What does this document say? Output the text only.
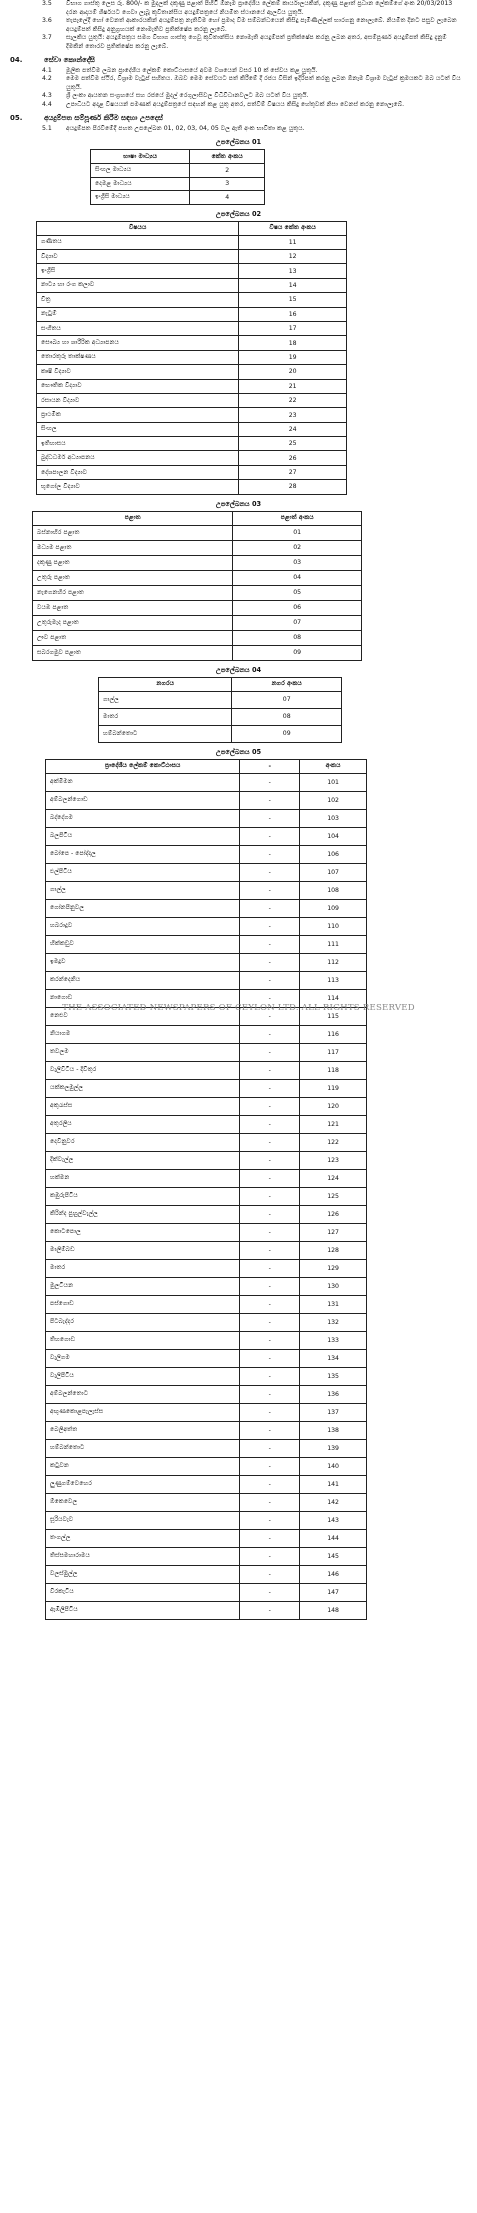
3.5	විභාග ගාස්තු ලෙස රු. 800/- ක මුදලක් දකුණු පළාත් පිහිටි ඕනෑම ප්‍රාදේශීය ලේකම් කාර්යාලයකින්, දකුණු පළාත් ප්‍රධාන ලේකම්ගේ අංක 20/03/2013 දරන ආදායම් ශීර්ෂයට ගෙවා ලැබූ කුවිතාන්සිය අයදුම්පත්‍රයේ නියමිත ස්ථානයේ ඇලවිය යුතුයි.
3.6	තැපෑලේදී හෝ වෙනත් ආකාරයකින් අයදුම්පත්‍ර නැතිවීම හෝ ප්‍රමාද වීම සම්බන්ධයෙන් කිසිදු පැමිණිල්ලක් භාරගනු නොලැබේ. නියමිත දිනට පසුව ලැබෙන අයදුම්පත් කිසිදු අනුග්‍රහයක් නොමැතිව ප්‍රතික්ෂේප කරනු ලැබේ.
3.7	සැලකිය යුතුයි: අයදුම්පත්‍රය සමග විභාග ගාස්තු ගෙවූ කුවිතාන්සිය නොමැති අයදුම්පත් ප්‍රතික්ෂේප කරනු ලබන අතර, අසම්පූර්ණ අයදුම්පත් කිසිදු දැනුම් දීමකින් තොරව ප්‍රතික්ෂේප කරනු ලැබේ.
04.	සේවා කොන්දේසි
4.1	මූලික පත්වීම ලබන ප්‍රාදේශීය ලේකම් කොට්ඨාසයේ අවම වශයෙන් වසර 10 ක් සේවය කළ යුතුයි.
4.2	මෙම පත්වීම ස්ථිර, විශ්‍රාම වැටුප් සහිතය. ඔබව මෙම සේවයට පත් කිරීමේ දී රජය විසින් ඉදිරිපත් කරනු ලබන ඕනෑම විශ්‍රාම වැටුප් ක්‍රමයකට ඔබ යටත් විය යුතුයි.
4.3	ශ්‍රී ලංකා ආයතන සංග්‍රහයේ සහ රජයේ මුදල් රෙගුලාසිවල විධිවිධානවලට ඔබ යටත් විය යුතුයි.
4.4	උපාධියට අදාළ විෂයයන් පමණක් අයදුම්පත්‍රයේ සඳහන් කළ යුතු අතර, පත්වීම් විෂයය කිසිදු හේතුවක් නිසා වෙනස් කරනු නොලැබේ.
05.	අයදුම්පත සම්පූර්ණ කිරීම සඳහා උපදෙස්
5.1	අයදුම්පත පිරවීමේදී පහත උපලේඛන 01, 02, 03, 04, 05 වල ඇති අංක භාවිතා කළ යුතුය.
උපලේඛනය 01
භාෂා මාධ්‍යය	කේත අංකය
සිංහල මාධ්‍යය	2
දෙමළ මාධ්‍යය	3
ඉංග්‍රීසි මාධ්‍යය	4
උපලේඛනය 02
විෂයය	විෂය කේත අංකය
ගණිතය	11
විද්‍යාව	12
ඉංග්‍රීසි	13
නාට්‍ය හා රංග කලාව	14
චිත්‍ර	15
නැටුම්	16
සංගීතය	17
සෞඛ්‍ය හා ශාරීරික අධ්‍යාපනය	18
තොරතුරු තාක්ෂණය	19
කෘෂි විද්‍යාව	20
භෞතික විද්‍යාව	21
රසායන විද්‍යාව	22
ප්‍රාථමික	23
සිංහල	24
ඉතිහාසය	25
බුද්ධධර්ම අධ්‍යාපනය	26
දේශපාලන විද්‍යාව	27
භූගෝල විද්‍යාව	28
උපලේඛනය 03
පළාත	පළාත් අංකය
බස්නාහිර පළාත	01
මධ්‍යම පළාත	02
දකුණු පළාත	03
උතුරු පළාත	04
නැගෙනහිර පළාත	05
වයඹ පළාත	06
උතුරුමැද පළාත	07
ඌව පළාත	08
සබරගමුව පළාත	09
උපලේඛනය 04
නගරය	නගර අංකය
ගාල්ල	07
මාතර	08
හම්බන්තොට	09
උපලේඛනය 05
ප්‍රාදේශීය ලේකම් කොට්ඨාසය	-	අංකය
අක්මීමන	-	101
අම්බලන්ගොඩ	-	102
බද්දේගම	-	103
බලපිටිය	-	104
බෝපෙ - පෝද්දල	-	106
එල්පිටිය	-	107
ගාල්ල	-	108
ගෝනපිනුවල	-	109
හබරාදූව	-	110
හික්කඩුව	-	111
ඉමදූව	-	112
කරන්දෙනිය	-	113
නාගොඩ	-	114
නෙළුව	-	115
නියාගම	-	116
තවලම	-	117
වැලිවිටිය - දිවිතුර	-	118
යක්කලමුල්ල	-	119
අකුරැස්ස	-	120
අතුරලිය	-	121
දෙවිනුවර	-	122
දික්වැල්ල	-	123
හක්මන	-	124
කඹුරුපිටිය	-	125
කිරින්ද පුහුල්වැල්ල	-	126
කොටපොල	-	127
මාලිම්බඩ	-	128
මාතර	-	129
මුලටියන	-	130
පස්ගොඩ	-	131
පිටබැද්දර	-	132
තිහගොඩ	-	133
වැලිගම	-	134
වැලිපිටිය	-	135
අම්බලන්තොට	-	136
අඟුණකොළපැලැස්ස	-	137
බෙලිඅත්ත	-	138
හම්බන්තොට	-	139
කටුවන	-	140
ලුණුගම්වෙහෙර	-	141
ඕකෙවෙල	-	142
සූරියවැව	-	143
තංගල්ල	-	144
තිස්සමහාරාමය	-	145
වලස්මුල්ල	-	146
වීරකැටිය	-	147
ඇඹිලිපිටිය	-	148
THE ASSOCIATED NEWSPAPERS OF CEYLON LTD. ALL RIGHTS RESERVED
